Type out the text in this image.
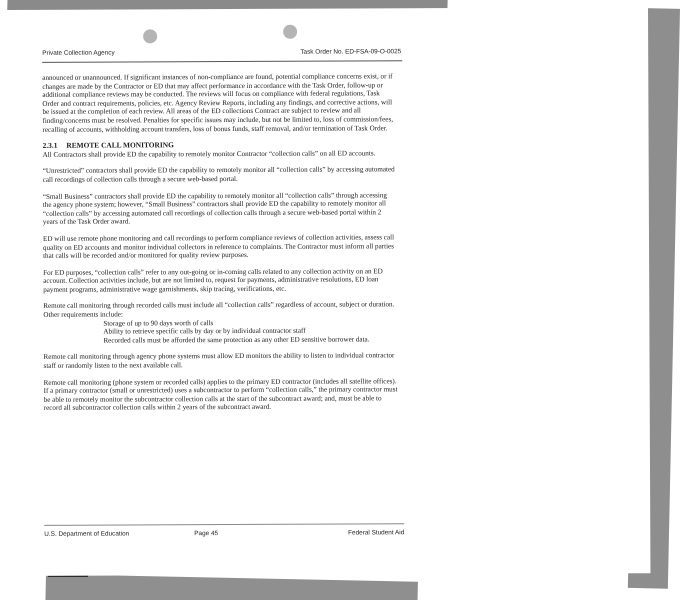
Private Collection Agency	Task Order No. ED-FSA-09-O-0025

announced or unannounced. If significant instances of non-compliance are found, potential compliance concerns exist, or if changes are made by the Contractor or ED that may affect performance in accordance with the Task Order, follow-up or additional compliance reviews may be conducted. The reviews will focus on compliance with federal regulations, Task Order and contract requirements, policies, etc. Agency Review Reports, including any findings, and corrective actions, will be issued at the completion of each review. All areas of the ED collections Contract are subject to review and all finding/concerns must be resolved. Penalties for specific issues may include, but not be limited to, loss of commission/fees, recalling of accounts, withholding account transfers, loss of bonus funds, staff removal, and/or termination of Task Order.

2.3.1 REMOTE CALL MONITORING

All Contractors shall provide ED the capability to remotely monitor Contractor “collection calls” on all ED accounts.

“Unrestricted” contractors shall provide ED the capability to remotely monitor all “collection calls” by accessing automated call recordings of collection calls through a secure web-based portal.

“Small Business” contractors shall provide ED the capability to remotely monitor all “collection calls” through accessing the agency phone system; however, “Small Business” contractors shall provide ED the capability to remotely monitor all “collection calls” by accessing automated call recordings of collection calls through a secure web-based portal within 2 years of the Task Order award.

ED will use remote phone monitoring and call recordings to perform compliance reviews of collection activities, assess call quality on ED accounts and monitor individual collectors in reference to complaints. The Contractor must inform all parties that calls will be recorded and/or monitored for quality review purposes.

For ED purposes, “collection calls” refer to any out-going or in-coming calls related to any collection activity on an ED account. Collection activities include, but are not limited to, request for payments, administrative resolutions, ED loan payment programs, administrative wage garnishments, skip tracing, verifications, etc.

Remote call monitoring through recorded calls must include all “collection calls” regardless of account, subject or duration. Other requirements include:

Storage of up to 90 days worth of calls
Ability to retrieve specific calls by day or by individual contractor staff
Recorded calls must be afforded the same protection as any other ED sensitive borrower data.

Remote call monitoring through agency phone systems must allow ED monitors the ability to listen to individual contractor staff or randomly listen to the next available call.

Remote call monitoring (phone system or recorded calls) applies to the primary ED contractor (includes all satellite offices). If a primary contractor (small or unrestricted) uses a subcontractor to perform “collection calls,” the primary contractor must be able to remotely monitor the subcontractor collection calls at the start of the subcontract award; and, must be able to record all subcontractor collection calls within 2 years of the subcontract award.

U.S. Department of Education	Page 45	Federal Student Aid
